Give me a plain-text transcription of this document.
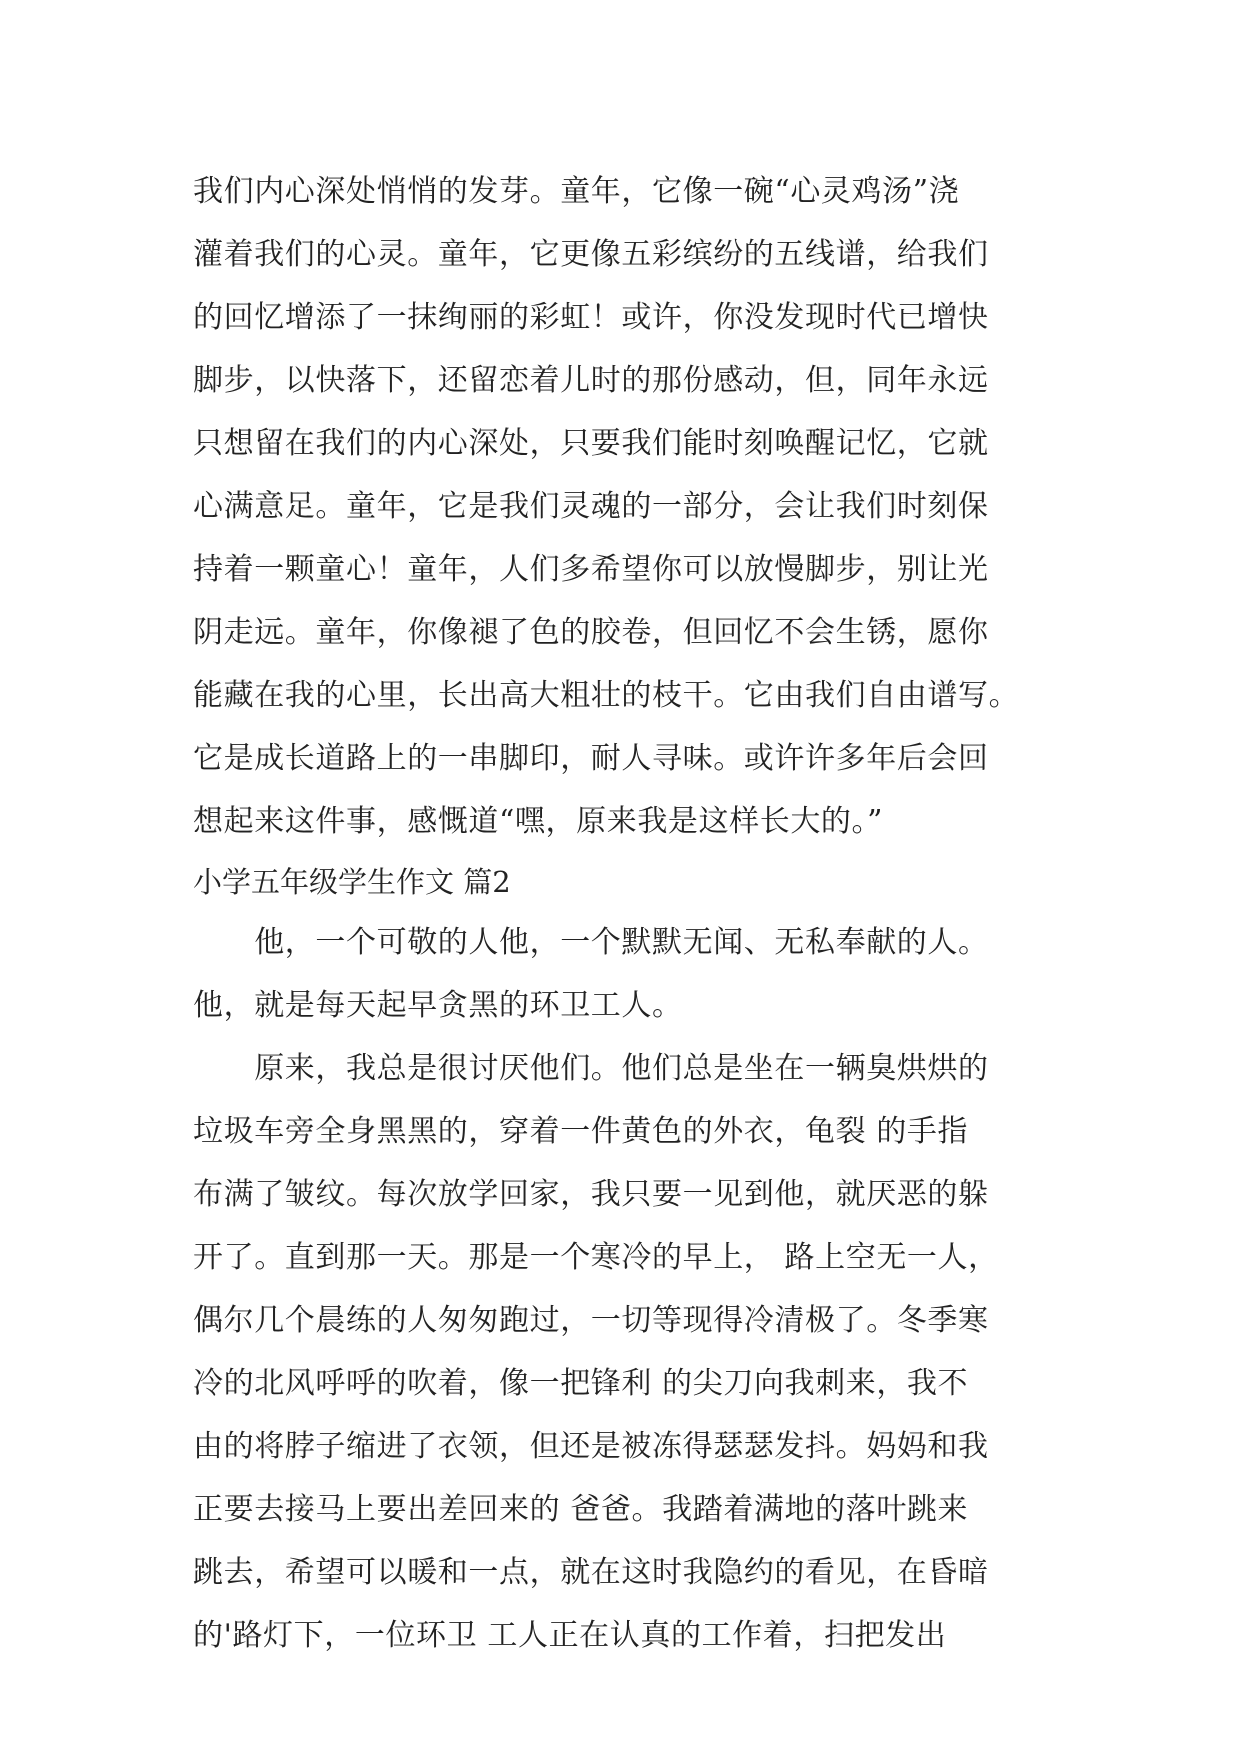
我们内心深处悄悄的发芽。童年，它像一碗“心灵鸡汤”浇
灌着我们的心灵。童年，它更像五彩缤纷的五线谱，给我们
的回忆增添了一抹绚丽的彩虹！或许，你没发现时代已增快
脚步，以快落下，还留恋着儿时的那份感动，但，同年永远
只想留在我们的内心深处，只要我们能时刻唤醒记忆，它就
心满意足。童年，它是我们灵魂的一部分，会让我们时刻保
持着一颗童心！童年，人们多希望你可以放慢脚步，别让光
阴走远。童年，你像褪了色的胶卷，但回忆不会生锈，愿你
能藏在我的心里，长出高大粗壮的枝干。它由我们自由谱写。
它是成长道路上的一串脚印，耐人寻味。或许许多年后会回
想起来这件事，感慨道“嘿，原来我是这样长大的。”
小学五年级学生作文 篇2
　　他，一个可敬的人他，一个默默无闻、无私奉献的人。
他，就是每天起早贪黑的环卫工人。
　　原来，我总是很讨厌他们。他们总是坐在一辆臭烘烘的
垃圾车旁全身黑黑的，穿着一件黄色的外衣，龟裂 的手指
布满了皱纹。每次放学回家，我只要一见到他，就厌恶的躲
开了。直到那一天。那是一个寒冷的早上， 路上空无一人，
偶尔几个晨练的人匆匆跑过，一切等现得冷清极了。冬季寒
冷的北风呼呼的吹着，像一把锋利 的尖刀向我刺来，我不
由的将脖子缩进了衣领，但还是被冻得瑟瑟发抖。妈妈和我
正要去接马上要出差回来的 爸爸。我踏着满地的落叶跳来
跳去，希望可以暖和一点，就在这时我隐约的看见，在昏暗
的'路灯下，一位环卫 工人正在认真的工作着，扫把发出
